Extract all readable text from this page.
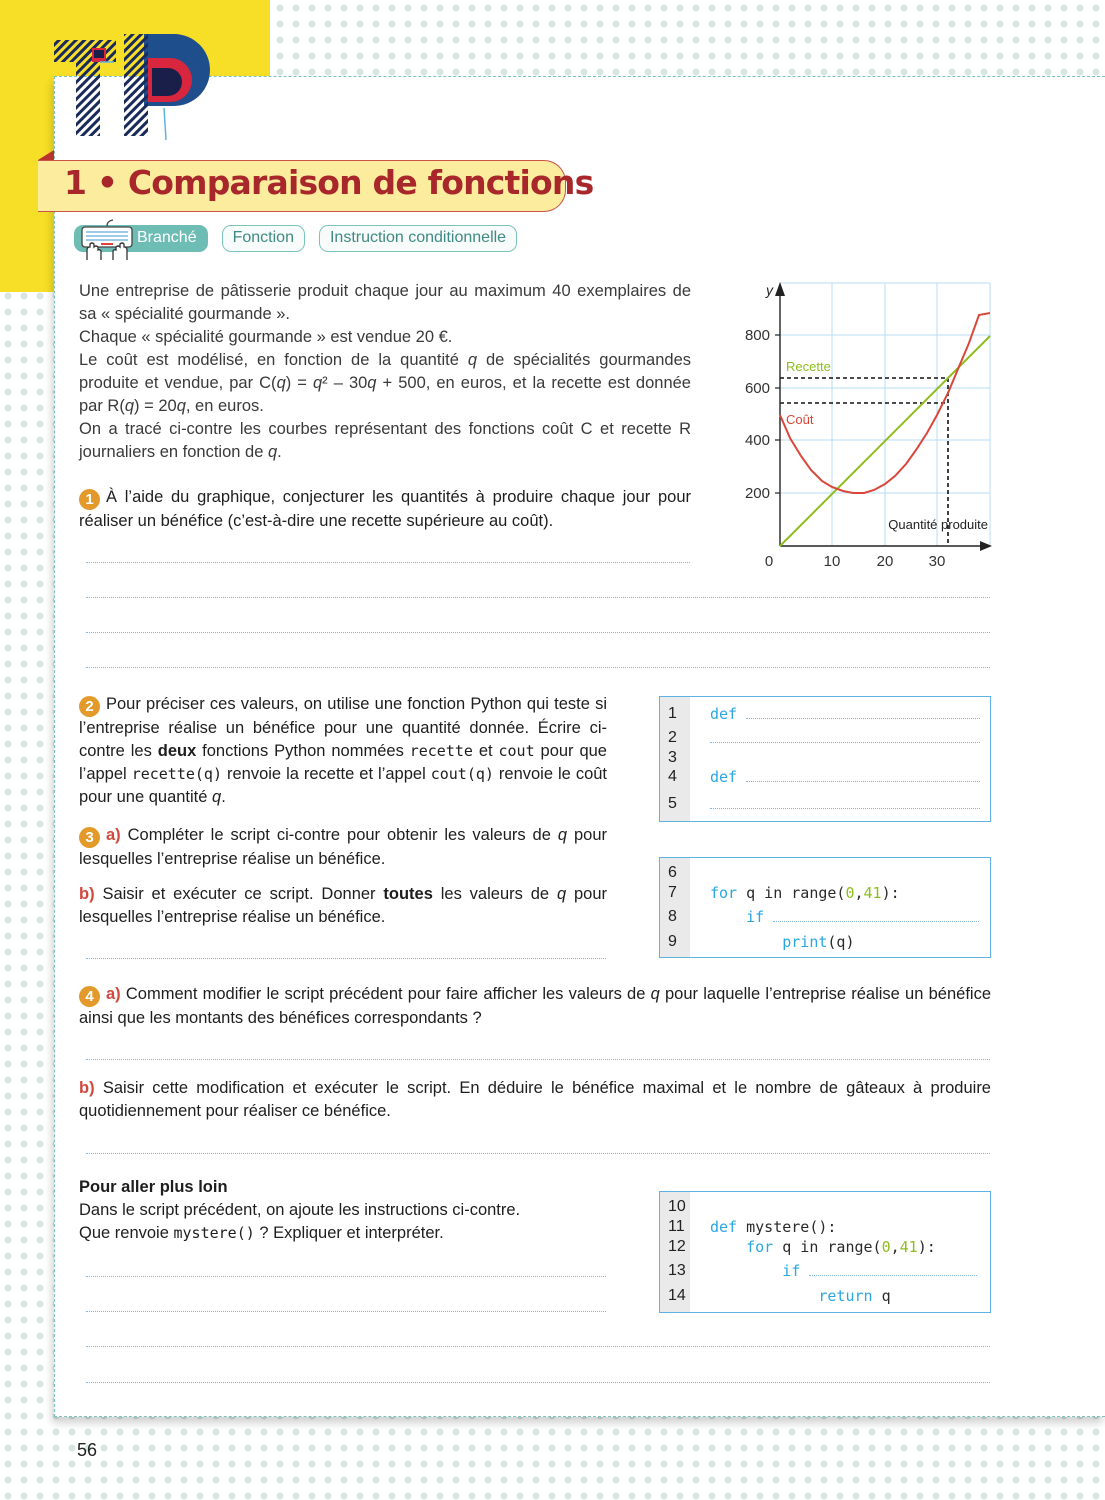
1 • Comparaison de fonctions
Branché	Fonction	Instruction conditionnelle
Une entreprise de pâtisserie produit chaque jour au maximum 40 exemplaires de sa « spécialité gourmande ».
Chaque « spécialité gourmande » est vendue 20 €.
Le coût est modélisé, en fonction de la quantité q de spécialités gourmandes produite et vendue, par C(q) = q² – 30q + 500, en euros, et la recette est donnée par R(q) = 20q, en euros.
On a tracé ci-contre les courbes représentant des fonctions coût C et recette R journaliers en fonction de q.
y
800
600
400
200
0	10 20 30
Quantité produite
Recette
Coût
1 À l’aide du graphique, conjecturer les quantités à produire chaque jour pour réaliser un bénéfice (c’est-à-dire une recette supérieure au coût).
2 Pour préciser ces valeurs, on utilise une fonction Python qui teste si l’entreprise réalise un bénéfice pour une quantité donnée. Écrire ci-contre les deux fonctions Python nommées recette et cout pour que l’appel recette(q) renvoie la recette et l’appel cout(q) renvoie le coût pour une quantité q.
1 def
2
3
4 def
5
3 a) Compléter le script ci-contre pour obtenir les valeurs de q pour lesquelles l’entreprise réalise un bénéfice.
b) Saisir et exécuter ce script. Donner toutes les valeurs de q pour lesquelles l’entreprise réalise un bénéfice.
6
7 for q in range(0,41):
8	if
9	print(q)
4 a) Comment modifier le script précédent pour faire afficher les valeurs de q pour laquelle l’entreprise réalise un bénéfice ainsi que les montants des bénéfices correspondants ?
b) Saisir cette modification et exécuter le script. En déduire le bénéfice maximal et le nombre de gâteaux à produire quotidiennement pour réaliser ce bénéfice.
Pour aller plus loin
Dans le script précédent, on ajoute les instructions ci-contre.
Que renvoie mystere() ? Expliquer et interpréter.
10
11 def mystere():
12	for q in range(0,41):
13	if
14	return q
56
